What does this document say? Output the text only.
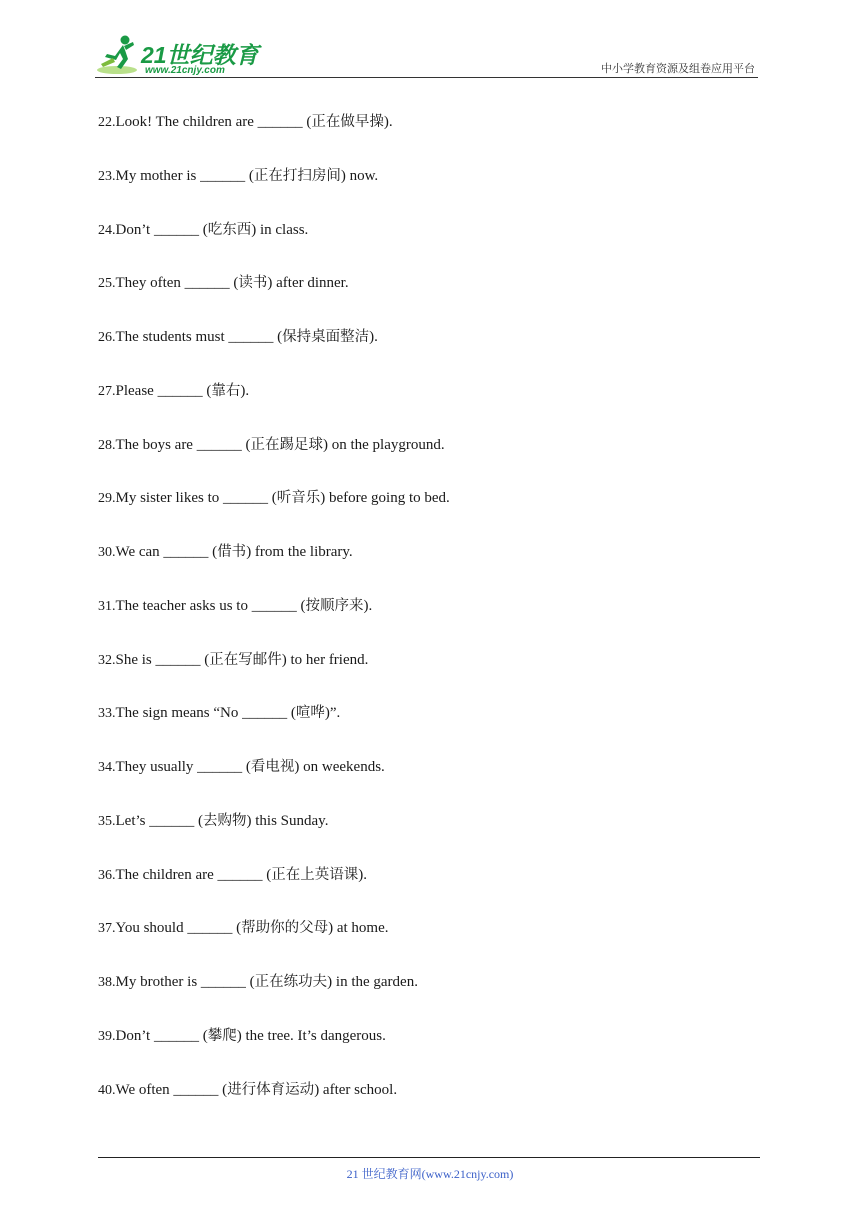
21世纪教育
www.21cnjy.com	中小学教育资源及组卷应用平台
22.Look! The children are ______ (正在做早操).
23.My mother is ______ (正在打扫房间) now.
24.Don’t ______ (吃东西) in class.
25.They often ______ (读书) after dinner.
26.The students must ______ (保持桌面整洁).
27.Please ______ (靠右).
28.The boys are ______ (正在踢足球) on the playground.
29.My sister likes to ______ (听音乐) before going to bed.
30.We can ______ (借书) from the library.
31.The teacher asks us to ______ (按顺序来).
32.She is ______ (正在写邮件) to her friend.
33.The sign means “No ______ (喧哗)”.
34.They usually ______ (看电视) on weekends.
35.Let’s ______ (去购物) this Sunday.
36.The children are ______ (正在上英语课).
37.You should ______ (帮助你的父母) at home.
38.My brother is ______ (正在练功夫) in the garden.
39.Don’t ______ (攀爬) the tree. It’s dangerous.
40.We often ______ (进行体育运动) after school.
21 世纪教育网(www.21cnjy.com)
